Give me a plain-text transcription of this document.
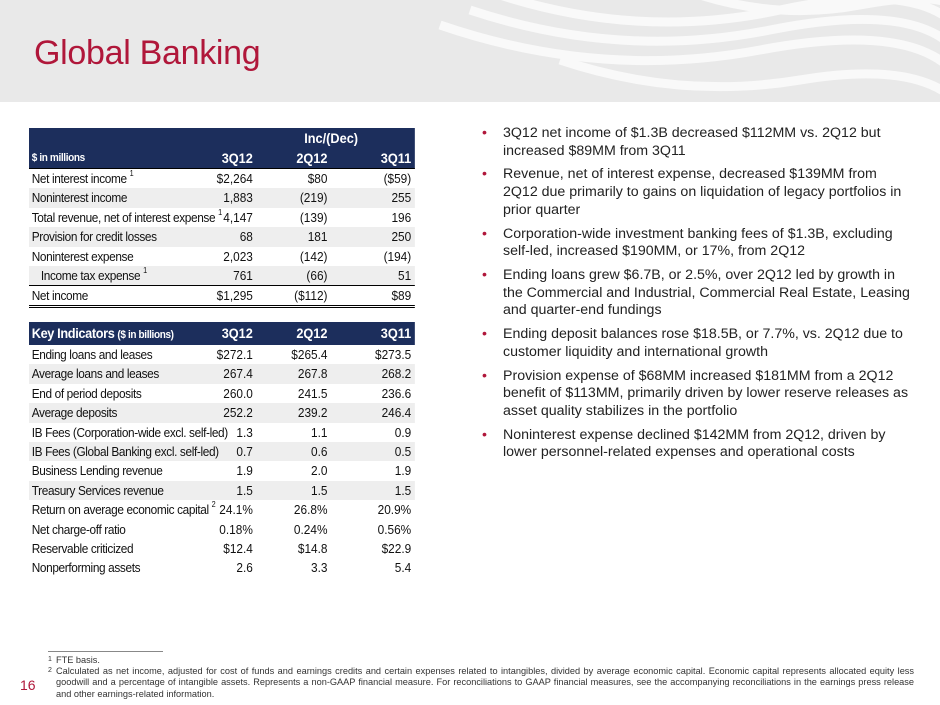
Global Banking
Inc/(Dec)
$ in millions	3Q12	2Q12	3Q11
Net interest income $^1$	$2,264	$80	($59)
Noninterest income	1,883	(219)	255
Total revenue, net of interest expense $^1$ 4,147	(139)	196
Provision for credit losses	68	181	250
Noninterest expense	2,023	(142)	(194)
Income tax expense $^1$	761	(66)	51
Net income	$1,295	($112)	$89
Key Indicators ($ in billions)	3Q12	2Q12	3Q11
Ending loans and leases	$272.1	$265.4	$273.5
Average loans and leases	267.4	267.8	268.2
End of period deposits	260.0	241.5	236.6
Average deposits	252.2	239.2	246.4
IB Fees (Corporation-wide excl. self-led) 1.3	1.1	0.9
IB Fees (Global Banking excl. self-led) 0.7	0.6	0.5
Business Lending revenue	1.9	2.0	1.9
Treasury Services revenue	1.5	1.5	1.5
Return on average economic capital $^2$ 24.1%	26.8%	20.9%
Net charge-off ratio	0.18%	0.24%	0.56%
Reservable criticized	$12.4	$14.8	$22.9
Nonperforming assets	2.6	3.3	5.4
• 3Q12 net income of $1.3B decreased $112MM vs. 2Q12 but increased $89MM from 3Q11
• Revenue, net of interest expense, decreased $139MM from 2Q12 due primarily to gains on liquidation of legacy portfolios in prior quarter
• Corporation-wide investment banking fees of $1.3B, excluding self-led, increased $190MM, or 17%, from 2Q12
• Ending loans grew $6.7B, or 2.5%, over 2Q12 led by growth in the Commercial and Industrial, Commercial Real Estate, Leasing and quarter-end fundings
• Ending deposit balances rose $18.5B, or 7.7%, vs. 2Q12 due to customer liquidity and international growth
• Provision expense of $68MM increased $181MM from a 2Q12 benefit of $113MM, primarily driven by lower reserve releases as asset quality stabilizes in the portfolio
• Noninterest expense declined $142MM from 2Q12, driven by lower personnel-related expenses and operational costs
1 FTE basis.
2 Calculated as net income, adjusted for cost of funds and earnings credits and certain expenses related to intangibles, divided by average economic capital. Economic capital represents allocated equity less goodwill and a percentage of intangible assets. Represents a non-GAAP financial measure. For reconciliations to GAAP financial measures, see the accompanying reconciliations in the earnings press release and other earnings-related information.
16
